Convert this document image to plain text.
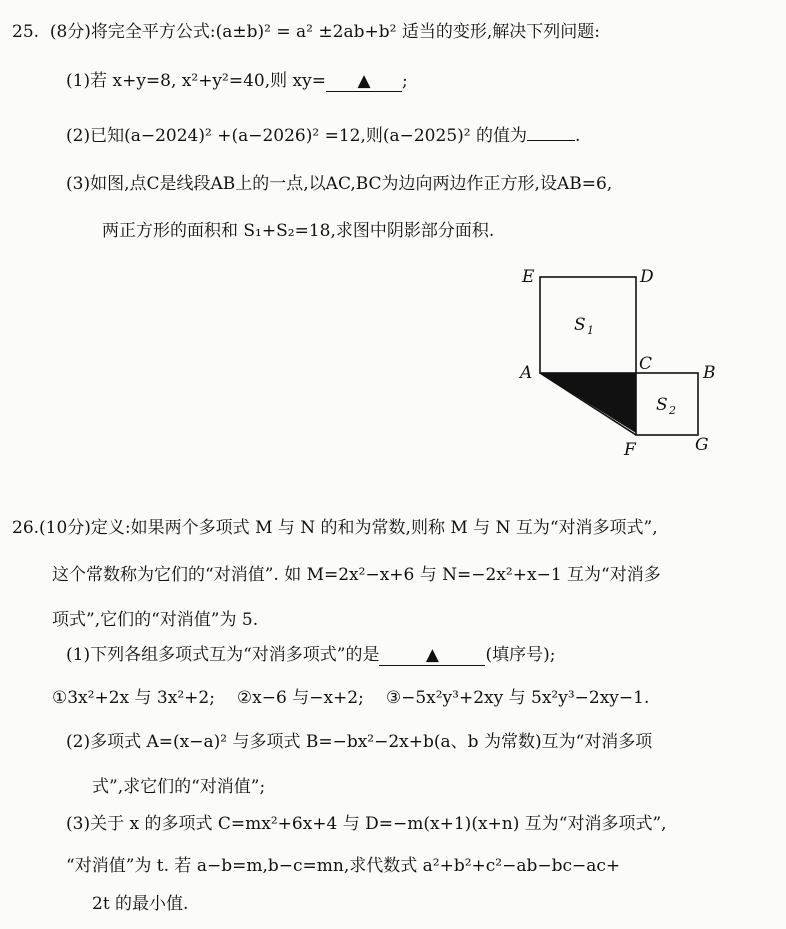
25.  (8分)将完全平方公式:(a±b)² = a² ±2ab+b² 适当的变形,解决下列问题:
(1)若 x+y=8, x²+y²=40,则 xy= ▲ ;
(2)已知(a−2024)² +(a−2026)² =12,则(a−2025)² 的值为	.
(3)如图,点C是线段AB上的一点,以AC,BC为边向两边作正方形,设AB=6,
两正方形的面积和 S₁+S₂=18,求图中阴影部分面积.
E	D
A	C	B
F	G
S 1
S 2
26.(10分)定义:如果两个多项式 M 与 N 的和为常数,则称 M 与 N 互为“对消多项式”,
这个常数称为它们的“对消值”. 如 M=2x²−x+6 与 N=−2x²+x−1 互为“对消多
项式”,它们的“对消值”为 5.
(1)下列各组多项式互为“对消多项式”的是	▲	(填序号);
①3x²+2x 与 3x²+2; ②x−6 与−x+2; ③−5x²y³+2xy 与 5x²y³−2xy−1.
(2)多项式 A=(x−a)² 与多项式 B=−bx²−2x+b(a、b 为常数)互为“对消多项
式”,求它们的“对消值”;
(3)关于 x 的多项式 C=mx²+6x+4 与 D=−m(x+1)(x+n) 互为“对消多项式”,
“对消值”为 t. 若 a−b=m,b−c=mn,求代数式 a²+b²+c²−ab−bc−ac+
2t 的最小值.
